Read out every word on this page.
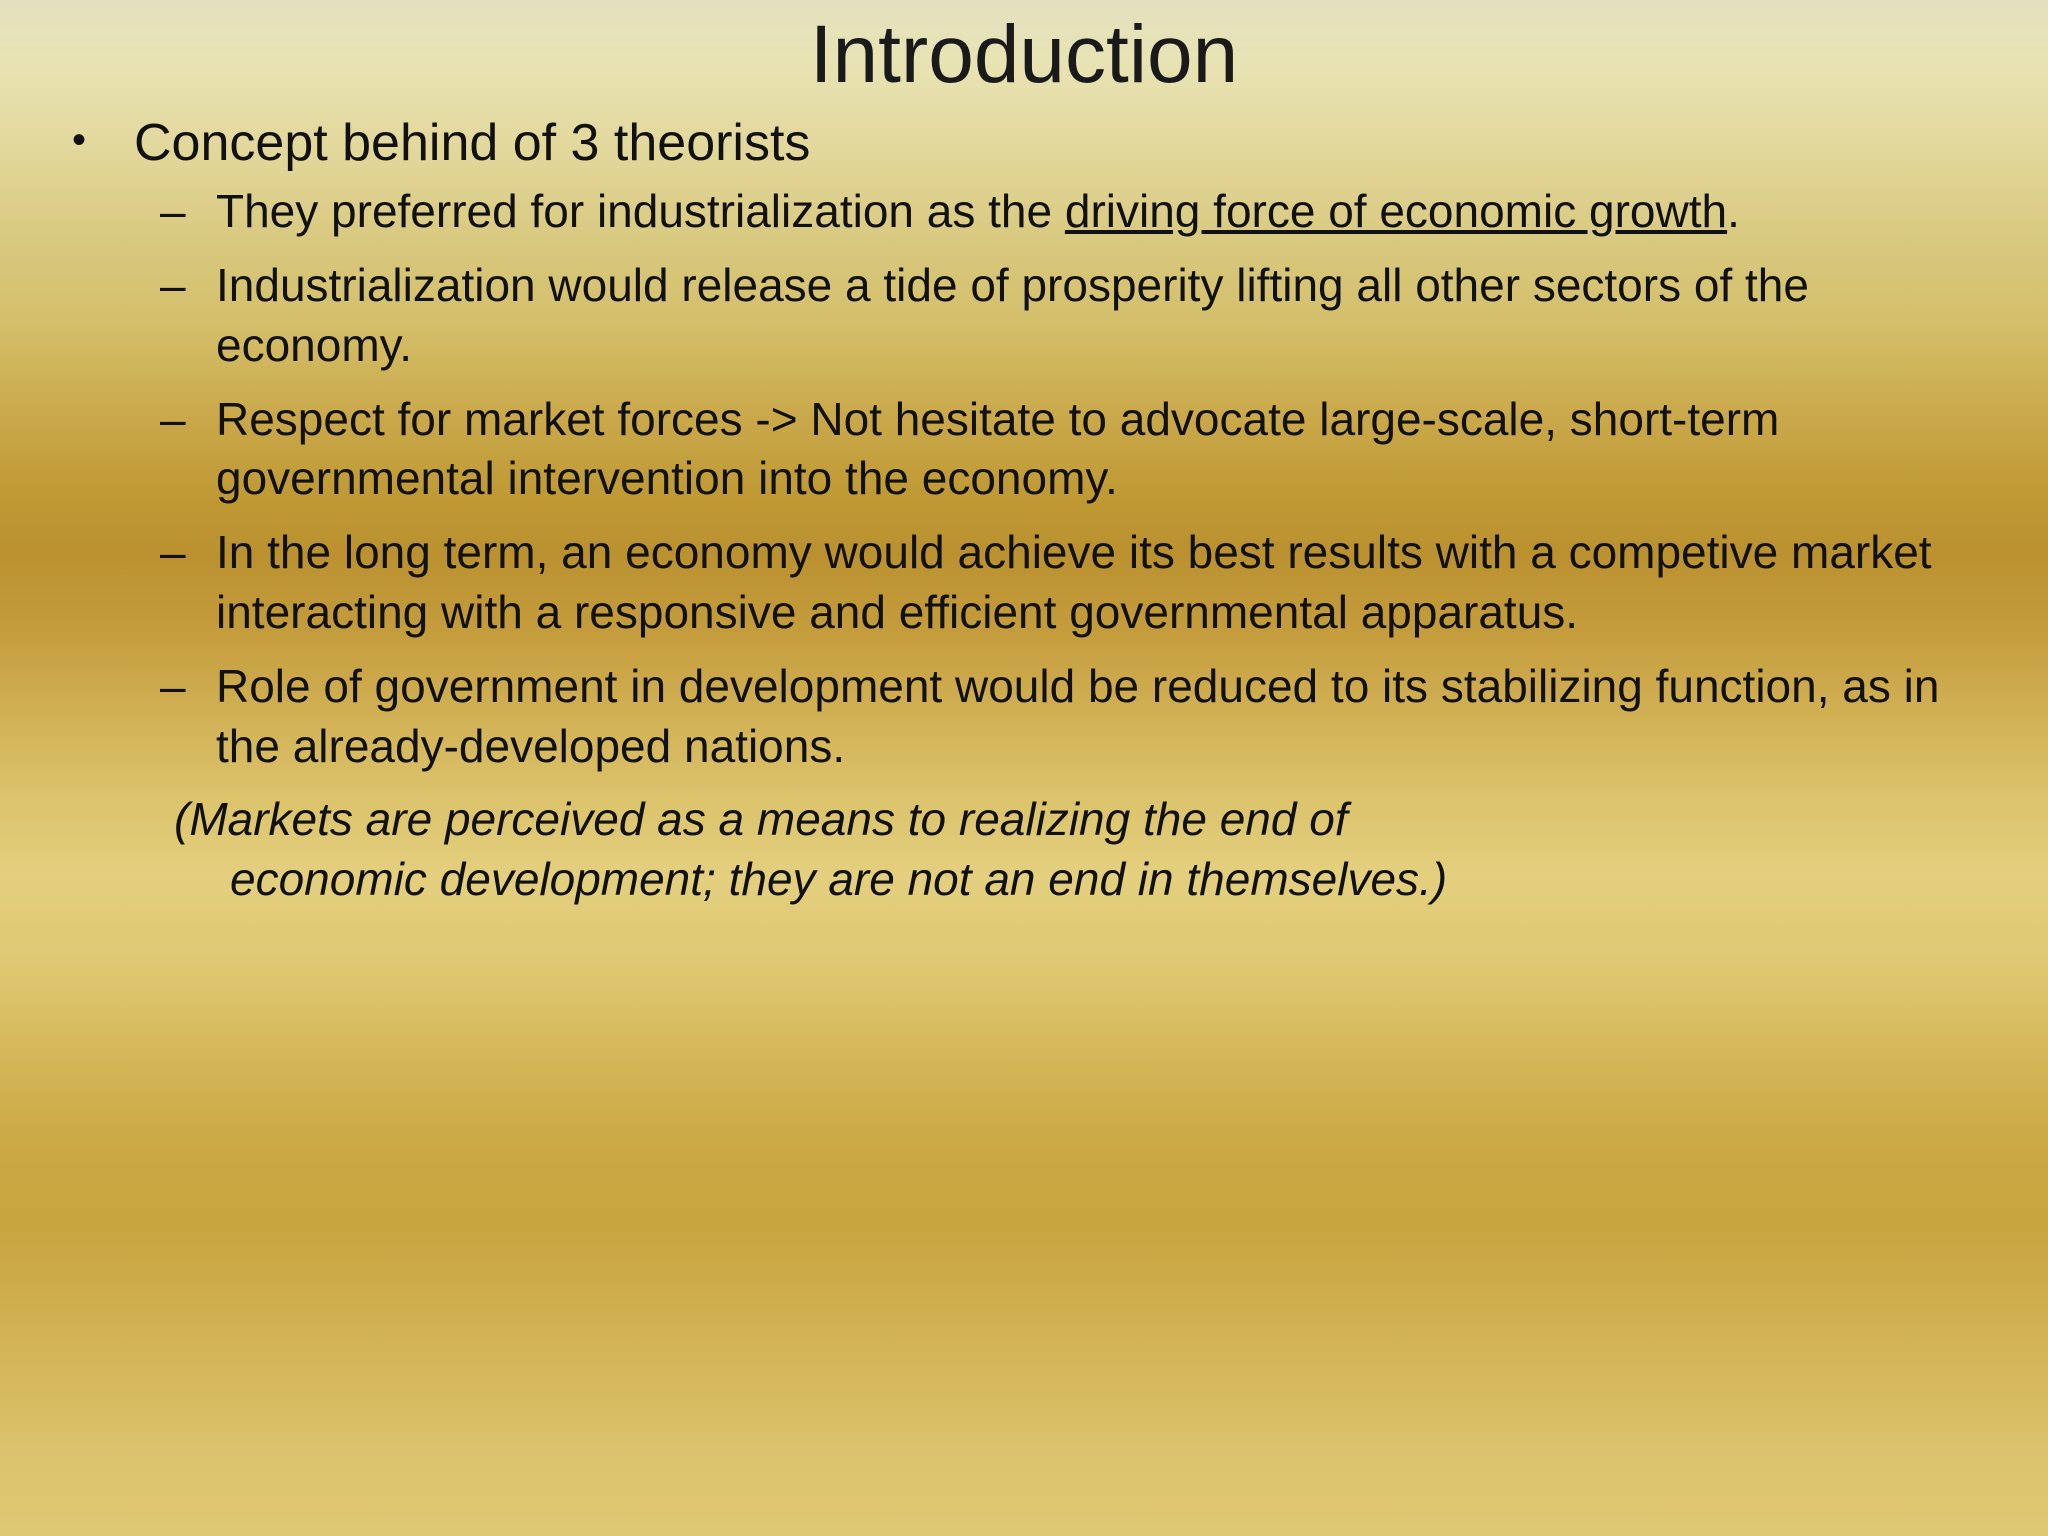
Introduction
• Concept behind of 3 theorists
– They preferred for industrialization as the driving force of economic growth.
– Industrialization would release a tide of prosperity lifting all other sectors of the economy.
– Respect for market forces -> Not hesitate to advocate large-scale, short-term governmental intervention into the economy.
– In the long term, an economy would achieve its best results with a competive market interacting with a responsive and efficient governmental apparatus.
– Role of government in development would be reduced to its stabilizing function, as in the already-developed nations.
(Markets are perceived as a means to realizing the end of
economic development; they are not an end in themselves.)
